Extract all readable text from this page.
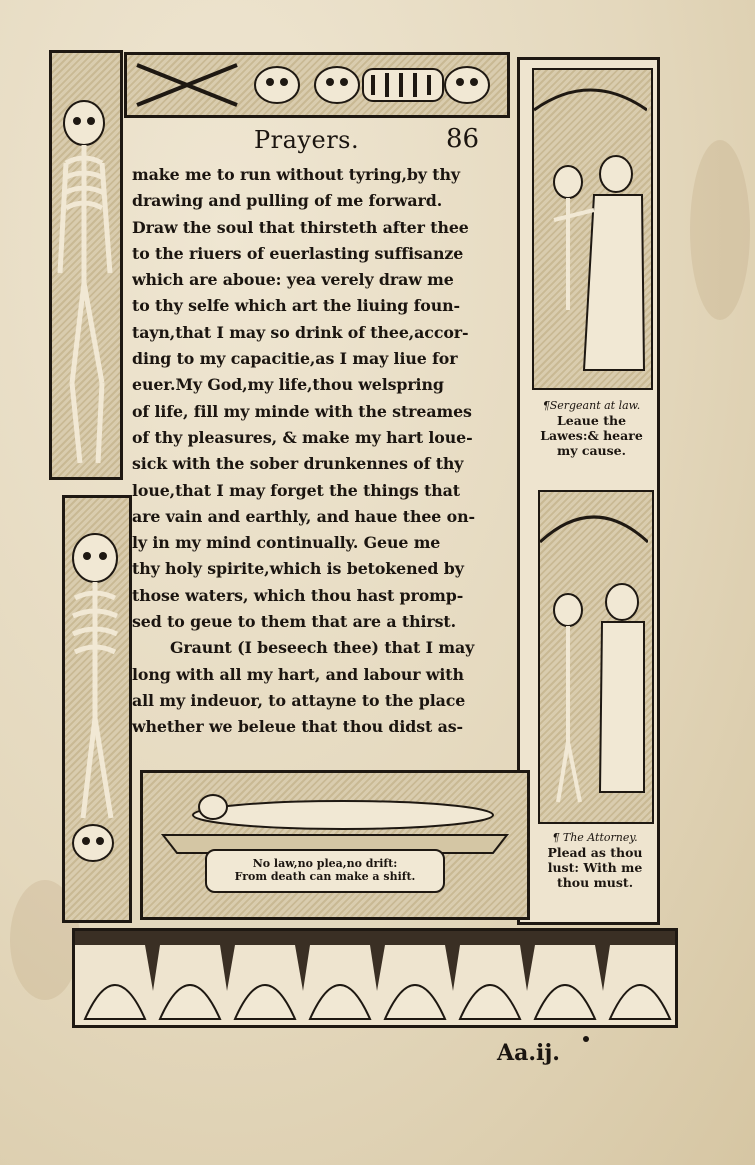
Prayers.	86
make me to run without tyring,by thy
drawing and pulling of me forward.
Draw the soul that thirsteth after thee
to the riuers of euerlasting suffisanze
which are aboue: yea verely draw me
to thy selfe which art the liuing foun-
tayn,that I may so drink of thee,accor-
ding to my capacitie,as I may liue for
euer.My God,my life,thou welspring
of life, fill my minde with the streames
of thy pleasures, & make my hart loue-
sick with the sober drunkennes of thy
loue,that I may forget the things that
are vain and earthly, and haue thee on-
ly in my mind continually. Geue me
thy holy spirite,which is betokened by
those waters, which thou hast promp-
sed to geue to them that are a thirst.
Graunt (I beseech thee) that I may
long with all my hart, and labour with
all my indeuor, to attayne to the place
whether we beleue that thou didst as-
¶Sergeant at law.
Leaue the
Lawes:& heare
my cause.
¶ The Attorney.
Plead as thou
lust: With me
thou must.
No law,no plea,no drift:
From death can make a shift.
Aa.ij.
